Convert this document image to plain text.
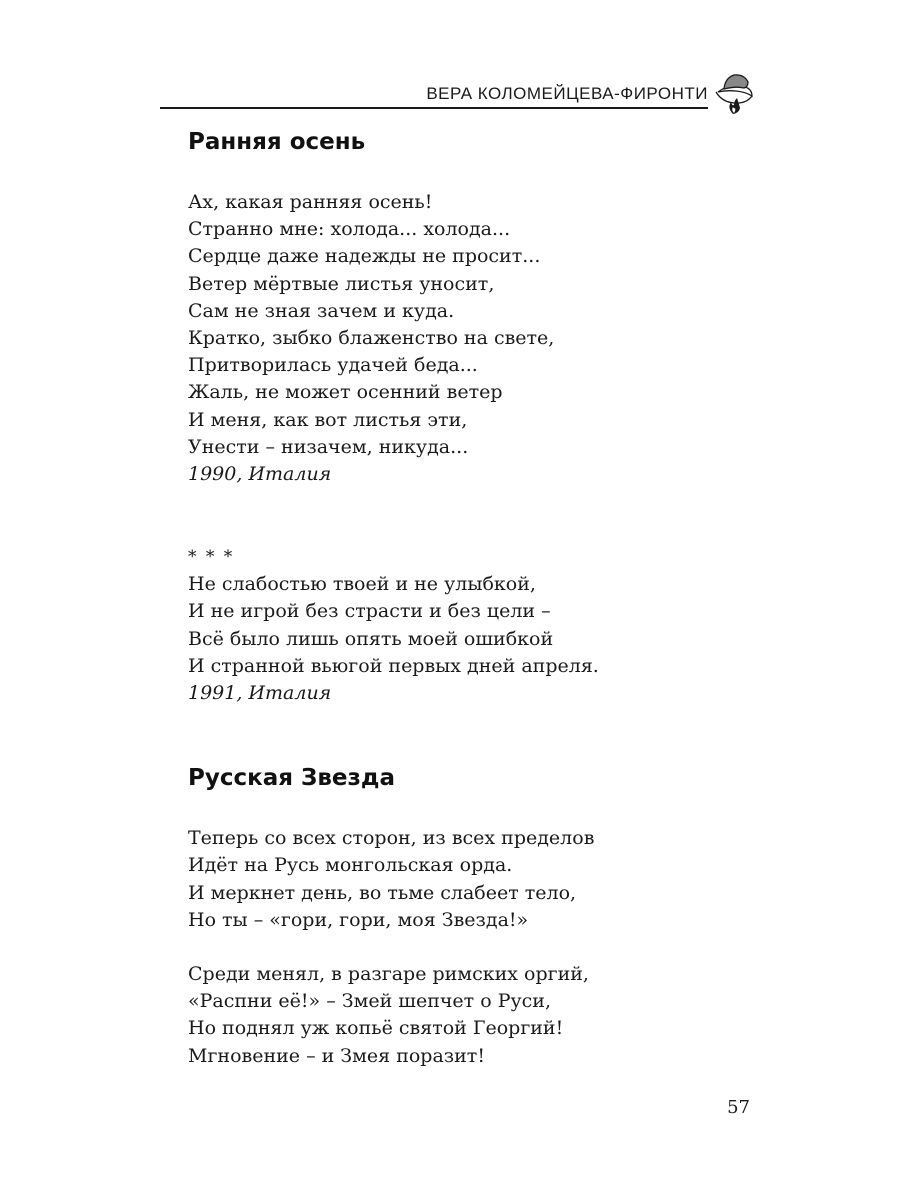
ВЕРА КОЛОМЕЙЦЕВА-ФИРОНТИ
Ранняя осень
Ах, какая ранняя осень!
Странно мне: холода... холода...
Сердце даже надежды не просит...
Ветер мёртвые листья уносит,
Сам не зная зачем и куда.
Кратко, зыбко блаженство на свете,
Притворилась удачей беда...
Жаль, не может осенний ветер
И меня, как вот листья эти,
Унести – низачем, никуда...
1990, Италия
* * *
Не слабостью твоей и не улыбкой,
И не игрой без страсти и без цели –
Всё было лишь опять моей ошибкой
И странной вьюгой первых дней апреля.
1991, Италия
Русская Звезда
Теперь со всех сторон, из всех пределов
Идёт на Русь монгольская орда.
И меркнет день, во тьме слабеет тело,
Но ты – «гори, гори, моя Звезда!»
Среди менял, в разгаре римских оргий,
«Распни её!» – Змей шепчет о Руси,
Но поднял уж копьё святой Георгий!
Мгновение – и Змея поразит!
57
